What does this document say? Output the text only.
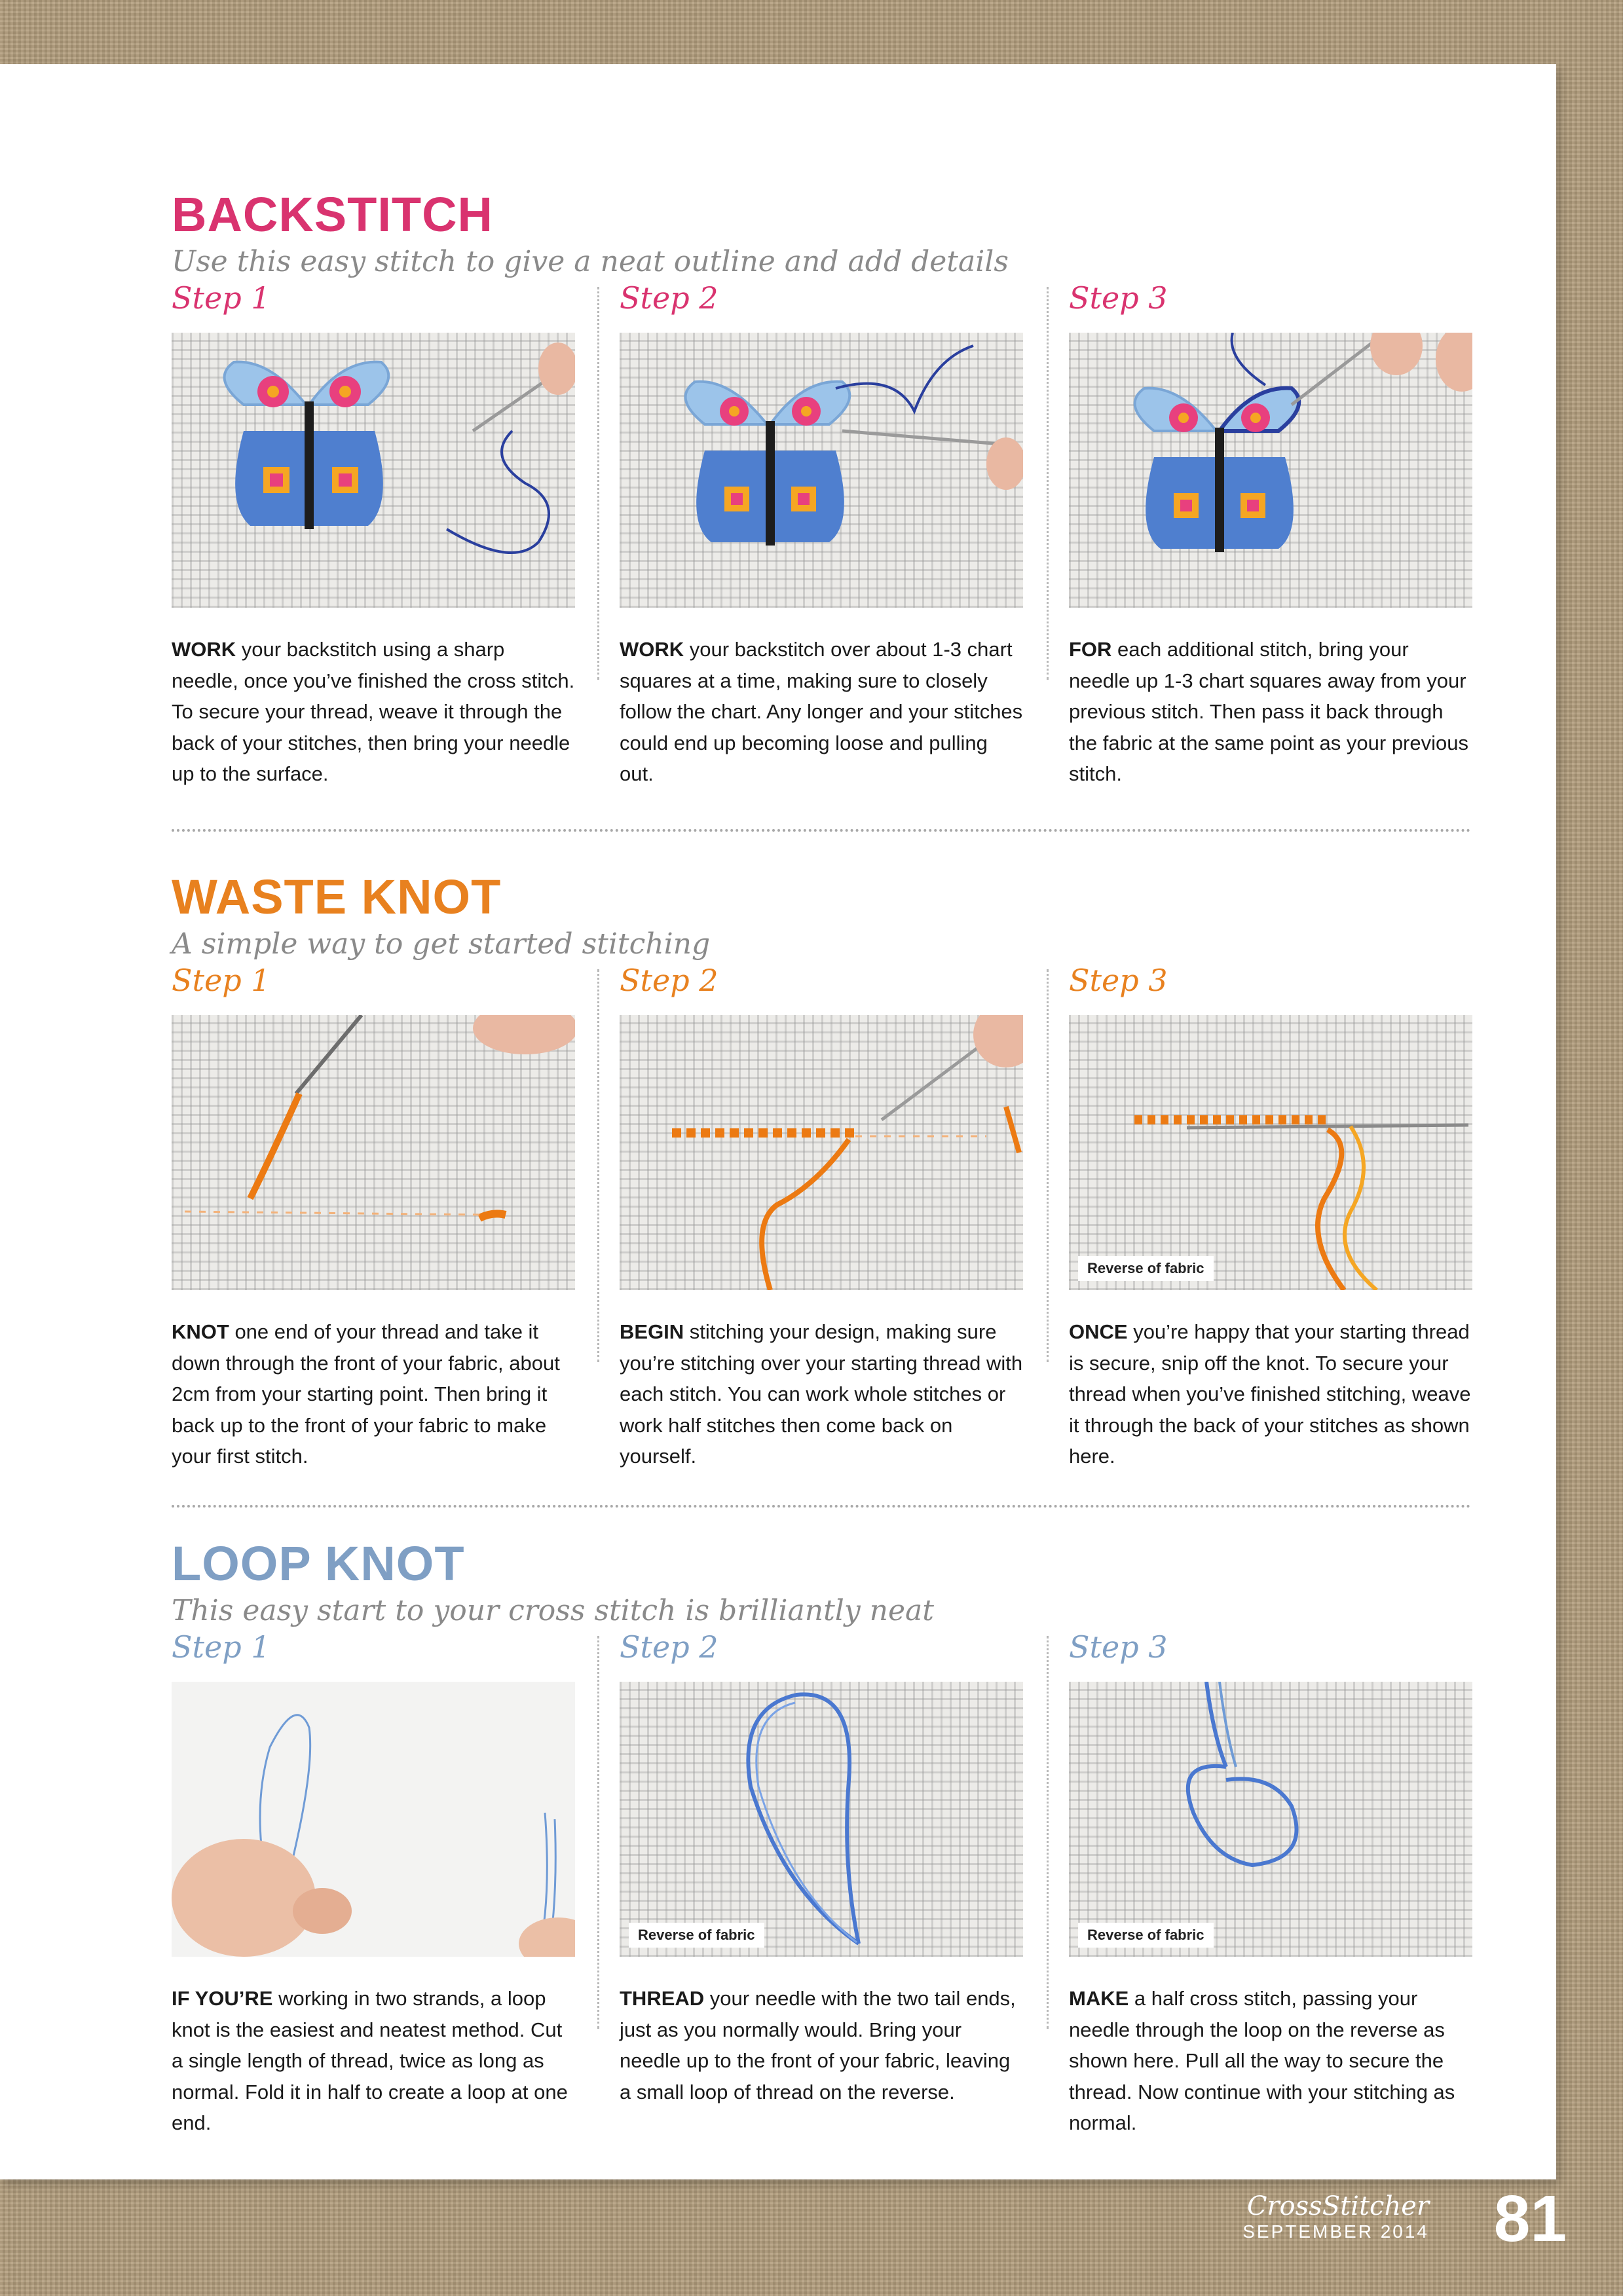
BACKSTITCH

Use this easy stitch to give a neat outline and add details

Step 1

WORK your backstitch using a sharp needle, once you’ve finished the cross stitch. To secure your thread, weave it through the back of your stitches, then bring your needle up to the surface.

Step 2

WORK your backstitch over about 1-3 chart squares at a time, making sure to closely follow the chart. Any longer and your stitches could end up becoming loose and pulling out.

Step 3

FOR each additional stitch, bring your needle up 1-3 chart squares away from your previous stitch. Then pass it back through the fabric at the same point as your previous stitch.

WASTE KNOT

A simple way to get started stitching

Step 1

KNOT one end of your thread and take it down through the front of your fabric, about 2cm from your starting point. Then bring it back up to the front of your fabric to make your first stitch.

Step 2

BEGIN stitching your design, making sure you’re stitching over your starting thread with each stitch. You can work whole stitches or work half stitches then come back on yourself.

Step 3

Reverse of fabric

ONCE you’re happy that your starting thread is secure, snip off the knot. To secure your thread when you’ve finished stitching, weave it through the back of your stitches as shown here.

LOOP KNOT

This easy start to your cross stitch is brilliantly neat

Step 1

IF YOU’RE working in two strands, a loop knot is the easiest and neatest method. Cut a single length of thread, twice as long as normal. Fold it in half to create a loop at one end.

Step 2

Reverse of fabric

THREAD your needle with the two tail ends, just as you normally would. Bring your needle up to the front of your fabric, leaving a small loop of thread on the reverse.

Step 3

Reverse of fabric

MAKE a half cross stitch, passing your needle through the loop on the reverse as shown here. Pull all the way to secure the thread. Now continue with your stitching as normal.

CrossStitcher
SEPTEMBER 2014 81
